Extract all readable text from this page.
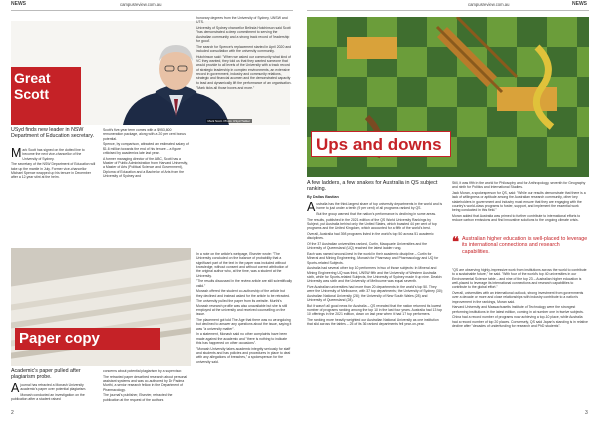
NEWS	campusreview.com.au
Great
Scott
Mark Scott. Photo: USyd Twitter
USyd finds new leader in NSW Department of Education secretary.

Mark Scott has signed on the dotted line to become the next vice-chancellor of the University of Sydney.

The secretary of the NSW Department of Education will take up the mantle in July. Former vice-chancellor Michael Spence wrapped up his tenure in December after a 12-year stint at the helm.

Scott's five-year term comes with a $953,800 remuneration package, along with a 20 per cent bonus potential.

Spence, by comparison, attracted an estimated salary of $1.6 million towards the end of his tenure – a figure criticised by academics late last year.

A former managing director of the ABC, Scott has a Master of Public Administration from Harvard University, a Master of Arts (Political Science and Government), Diploma of Education and a Bachelor of Arts from the University of Sydney and

honorary degrees from the University of Sydney, UNSW and UTS.

University of Sydney chancellor Belinda Hutchinson said Scott "has demonstrated a deep commitment to serving the Australian community and a strong track record of 'leadership for good'.

The search for Spence's replacement started in April 2020 and included consultation with the university community.

Hutchinson said: "When we asked our community what kind of VC they wanted, they told us that they wanted someone that would provide to all levels of the University with a track record of strategic leadership in complex environments, an extensive record in government, industry and community relations, strategic and financial acumen and the demonstrated capacity to lead and dynamically lift the performance of an organisation.

"Mark ticks all those boxes and more."

Paper copy
Academic's paper pulled after plagiarism probe.

Ajournal has retracted a Monash University academic's paper over potential plagiarism.

Monash conducted an investigation on the publication after a student raised

concerns about potential plagiarism by a supervisor.

The retracted paper described research about personal assistant systems and was co-authored by Dr Padma Murthi, a senior research fellow in the Department of Pharmacology.

The journal's publisher, Elsevier, retracted the publication at the request of the authors

In a note on the article's webpage, Elsevier wrote: "The University concluded on the balance of probability that a significant part of the text in the paper was included without knowledge, without consent and without correct attribution of the original author who, at the time, was a student at the University.

"The results discussed in the review article are still scientifically valid."

Monash offered the student co-authorship of the article but they declined and instead asked for the article to be retracted.

The university pulled the paper from its website. Murthi's Monash research profile was also unavailable but she is still employed at the university and received counselling on the issue.

The placement got told The Age that there was no wrongdoing but declined to answer any questions about the issue, saying it was "a university matter".

In a statement, Monash said no other complaints have been made against the academic and "there is nothing to indicate this has happened on other occasions".

"Monash University takes academic integrity seriously for staff and students and has policies and procedures in place to deal with any allegations of breaches," a spokesperson for the university said.

2
campusreview.com.au	NEWS
Ups and downs
A few ladders, a few snakes for Australia in QS subject ranking.
By Dallas Bastian

Australia has the third-largest share of top university departments in the world and is home to just under a tenth (9 per cent) of all programs ranked by QS.

But the group warned that the nation's performance is declining in some areas.

The results, published in the 2021 edition of the QS World University Rankings by Subject, put Australia behind only the United States, which boasted 44 per cent of top programs and the United Kingdom, which accounted for a fifth of the world's best.

Overall, Australia had 398 programs listed in the world's top 50 across 51 academic disciplines.

Of the 37 Australian universities ranked, Curtin, Macquarie Universities and the University of Queensland (UQ) reached the latest ladder rung.

Each was named second-best in the world in their academic discipline – Curtin for Mineral and Mining Engineering, Monash for Pharmacy and Pharmacology and UQ for Sports-related Subjects.

Australia had several other top 10 performers in two of those subjects: In Mineral and Mining Engineering UQ was third, UNSW fifth and the University of Western Australia sixth, while for Sports-related Subjects, the University of Sydney made it up nine. Deakin University was sixth and the University of Melbourne was equal seventh.

Five Australian universities had more than 20 departments in the world's top 50. They were the University of Melbourne, with 37 top departments; the University of Sydney (30); Australian National University (28); the University of New South Wales (28) and University of Queensland (28).

But it wasn't all good news for Australia – QS revealed that the nation returned its lowest number of programs ranking among the top 10 in the last four years. Australia had 13 top 10 offerings in the 2021 edition, down on last year when it had 17 top performers.

The ranking more heavily weighted our Australian National University as one institution that slid across the tables – 25 of its 36 ranked departments fell year-on-year.

Still, it was fifth in the world for Philosophy and for Anthropology, seventh for Geography and ninth for Politics and International Studies.

Jack Moran, a spokesperson for QS, said: "While our results demonstrate that there is a lack of willingness or aptitude among the Australian research community, other key stakeholders in government and industry must ensure that they are engaging with the country's world-class programs to foster, support, and implement the essential work being conducted in this field."

Moran added that Australia was primed to further contribute to international efforts to reduce carbon emissions and find innovative solutions to the ongoing climate crisis.

❝ Australian higher education is well-placed to leverage its international connections and research capabilities.

"QS are observing highly-impressive work from institutions across the world to contribute to a sustainable future," he said. "With four of the world's top 40 universities in our Environmental Science table – and nine of the top 23 – Australian higher education is well-placed to leverage its international connections and research capabilities to contribute to the global effort."

Overall, universities with an international outlook, strong investment from governments over a decade or more and close relationships with industry contribute to a nation's improvement in the rankings, Moran said.

Harvard University and Massachusetts Institute of Technology were the strongest performing institutions in the latest edition, coming in at number one in twelve subjects.

China had a record number of programs now achieving a top-10 place, while Australia had a record number of top 20 places. Conversely, QS said Japan's standing is in relative decline after "decades of underfunding for research and PhD students".

3
